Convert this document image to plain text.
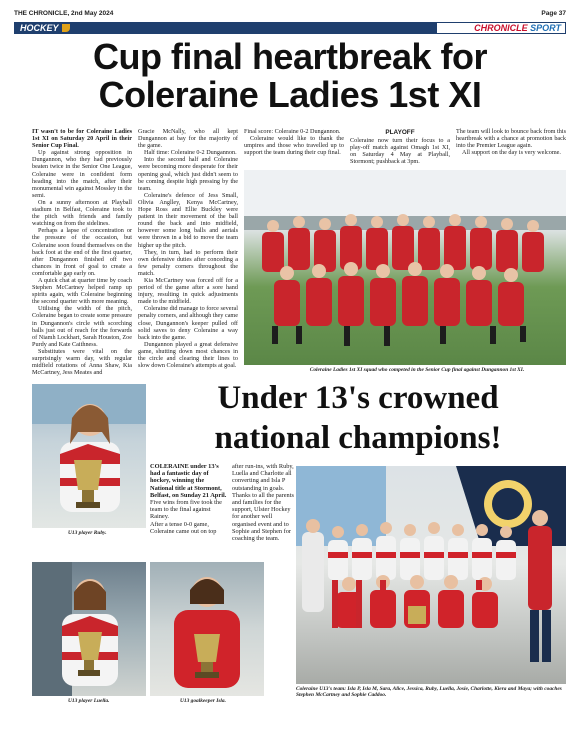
THE CHRONICLE, 2nd May 2024	Page 37
HOCKEY	CHRONICLE SPORT
Cup final heartbreak for
Coleraine Ladies 1st XI

IT wasn't to be for Coleraine Ladies 1st XI on Saturday 20 April in their Senior Cup Final.

Up against strong opposition in Dungannon, who they had previously beaten twice in the Senior One League, Coleraine were in confident form heading into the match, after their monumental win against Mossley in the semi.

On a sunny afternoon at Playball stadium in Belfast, Coleraine took to the pitch with friends and family watching on from the sidelines.

Perhaps a lapse of concentration or the pressure of the occasion, but Coleraine soon found themselves on the back foot at the end of the first quarter, after Dungannon finished off two chances in front of goal to create a comfortable gap early on.

A quick chat at quarter time by coach Stephen McCartney helped ramp up spirits again, with Coleraine beginning the second quarter with more meaning.

Utilising the width of the pitch, Coleraine began to create some pressure in Dungannon's circle with scorching balls just out of reach for the forwards of Niamh Lockhart, Sarah Houston, Zoe Purdy and Kate Caithness.

Substitutes were vital on the surprisingly warm day, with regular midfield rotations of Anna Shaw, Kia McCartney, Jess Meates and

Gracie McNally, who all kept Dungannon at bay for the majority of the game.

Half time: Coleraine 0-2 Dungannon.

Into the second half and Coleraine were becoming more desperate for their opening goal, which just didn't seem to be coming despite high pressing by the team.

Coleraine's defence of Jess Small, Olivia Anglley, Kenya McCartney, Hope Ross and Ellie Buckley were patient in their movement of the ball round the back and into midfield, however some long balls and aerials were thrown in a bid to move the team higher up the pitch.

They, in turn, had to perform their own defensive duties after conceding a few penalty corners throughout the match.

Kia McCartney was forced off for a period of the game after a sore hand injury, resulting in quick adjustments made to the midfield.

Coleraine did manage to force several penalty corners, and although they came close, Dungannon's keeper pulled off solid saves to deny Coleraine a way back into the game.

Dungannon played a great defensive game, shutting down most chances in the circle and clearing their lines to slow down Coleraine's attempts at goal.

Final score: Coleraine 0-2 Dungannon.

Coleraine would like to thank the umpires and those who travelled up to support the team during their cup final.

PLAYOFF

Coleraine now turn their focus to a play-off match against Omagh 1st XI, on Saturday 4 May at Playball, Stormont; pushback at 3pm.

The team will look to bounce back from this heartbreak with a chance at promotion back into the Premier League again.

All support on the day is very welcome.

Coleraine Ladies 1st XI squad who competed in the Senior Cup final against Dungannon 1st XI.
U13 player Ruby.
U13 player Luella.	U13 goalkeeper Isla.
Under 13's crowned
national champions!

COLERAINE under 13's had a fantastic day of hockey, winning the National title at Stormont, Belfast, on Sunday 21 April.

Five wins from five took the team to the final against Rainey.

After a tense 0-0 game, Coleraine came out on top

after run-ins, with Ruby, Luella and Charlotte all converting and Isla P outstanding in goals.

Thanks to all the parents and families for the support, Ulster Hockey for another well organised event and to Sophie and Stephen for coaching the team.

Coleraine U13's team: Isla P, Isla M, Sara, Alice, Jessica, Ruby, Luella, Josie, Charlotte, Kiera and Maya; with coaches Stephen McCartney and Sophie Caddoo.
